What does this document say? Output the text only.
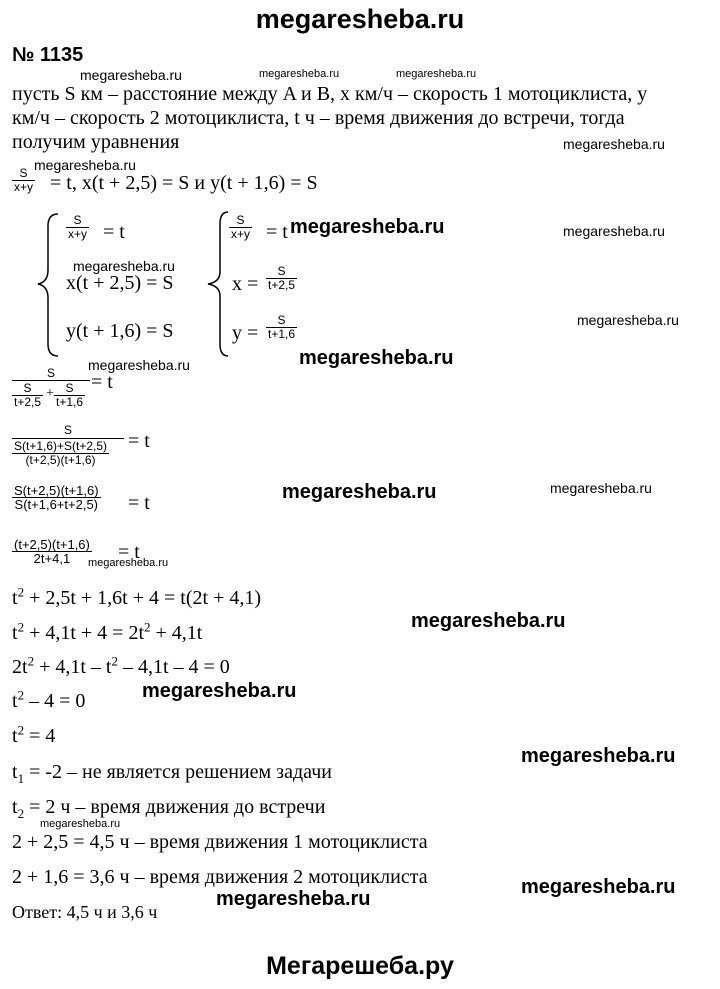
megaresheba.ru
Мегарешеба.ру
№ 1135
пусть S км – расстояние между A и B, x км/ч – скорость 1 мотоциклиста, y
км/ч – скорость 2 мотоциклиста, t ч – время движения до встречи, тогда
получим уравнения
S
x+y = t, x(t + 2,5) = S и y(t + 1,6) = S
S
x+y = t
x(t + 2,5) = S
y(t + 1,6) = S
S
x+y = t
x =
S
t+2,5
y =
S
t+1,6
S
S
t+2,5
+ S
t+1,6
= t
S
S(t+1,6)+S(t+2,5)
(t+2,5)(t+1,6)
= t
S(t+2,5)(t+1,6)
S(t+1,6+t+2,5) = t
(t+2,5)(t+1,6)
2t+4,1 = t
$t^2 + 2,5t + 1,6t + 4 = t(2t + 4,1)$
$t^2 + 4,1t + 4 = 2t^2 + 4,1t$
$2t^2 + 4,1t - t^2 - 4,1t - 4 = 0$
$t^2 - 4 = 0$
$t^2 = 4$
$t_1 = -2$ – не является решением задачи
$t_2 = 2$ ч – время движения до встречи
2 + 2,5 = 4,5 ч – время движения 1 мотоциклиста
2 + 1,6 = 3,6 ч – время движения 2 мотоциклиста
Ответ: 4,5 ч и 3,6 ч
megaresheba.ru	megaresheba.ru	megaresheba.ru
megaresheba.ru
megaresheba.ru
megaresheba.ru	megaresheba.ru
megaresheba.ru
megaresheba.ru
megaresheba.ru
megaresheba.ru
megaresheba.ru	megaresheba.ru
megaresheba.ru
megaresheba.ru
megaresheba.ru
megaresheba.ru
megaresheba.ru
megaresheba.ru
megaresheba.ru
